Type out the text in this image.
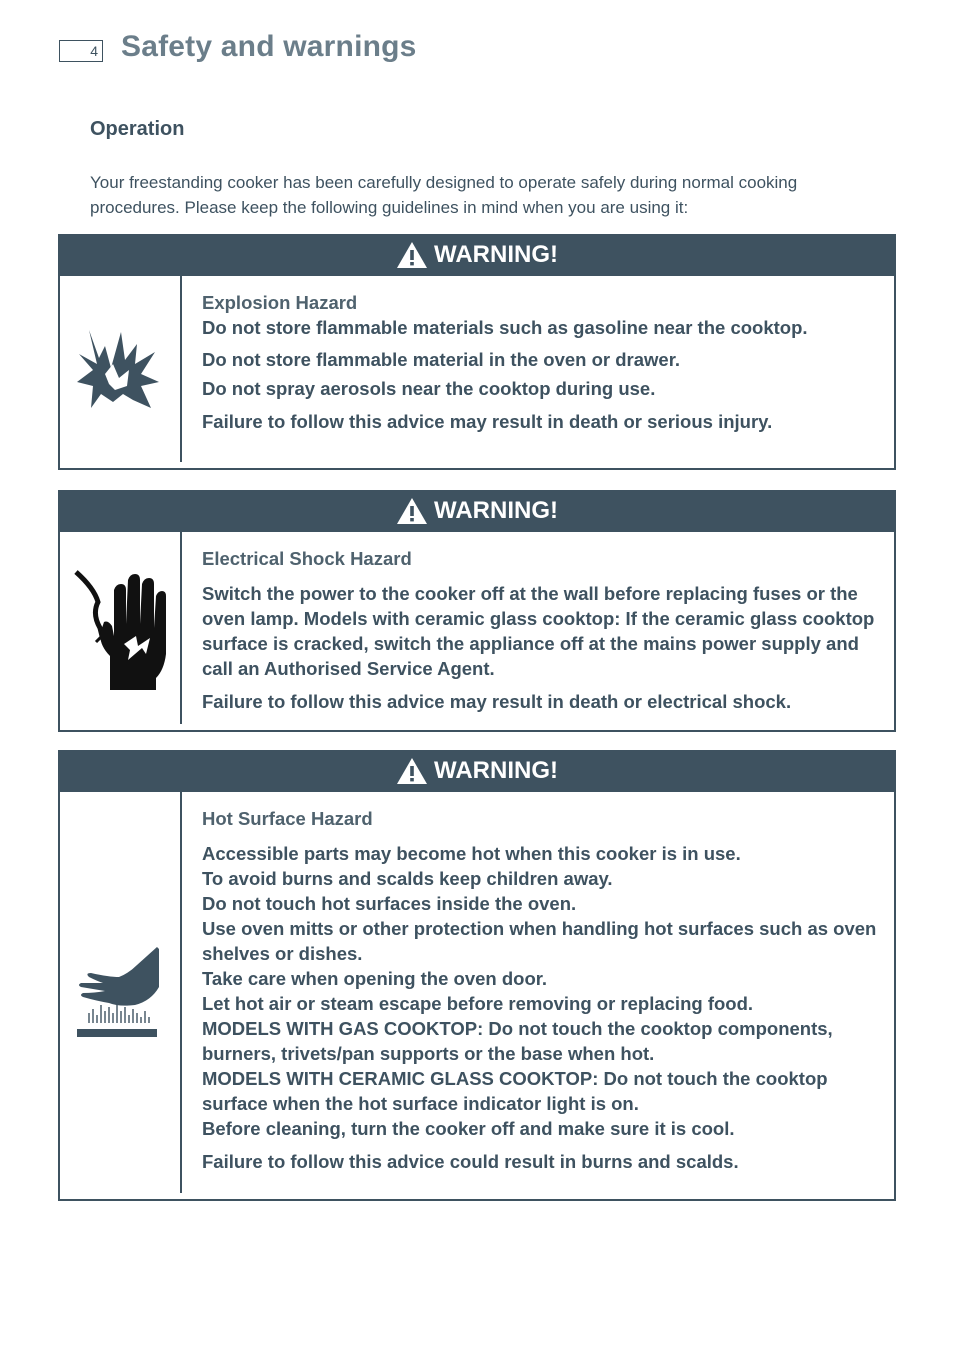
4 Safety and warnings
Operation

Your freestanding cooker has been carefully designed to operate safely during normal cooking procedures. Please keep the following guidelines in mind when you are using it:

WARNING!

Explosion Hazard

Do not store flammable materials such as gasoline near the cooktop.

Do not store flammable material in the oven or drawer.

Do not spray aerosols near the cooktop during use.

Failure to follow this advice may result in death or serious injury.

WARNING!

Electrical Shock Hazard

Switch the power to the cooker off at the wall before replacing fuses or the oven lamp. Models with ceramic glass cooktop: If the ceramic glass cooktop surface is cracked, switch the appliance off at the mains power supply and call an Authorised Service Agent.

Failure to follow this advice may result in death or electrical shock.

WARNING!

Hot Surface Hazard

Accessible parts may become hot when this cooker is in use.

To avoid burns and scalds keep children away.

Do not touch hot surfaces inside the oven.

Use oven mitts or other protection when handling hot surfaces such as oven shelves or dishes.

Take care when opening the oven door.

Let hot air or steam escape before removing or replacing food.

MODELS WITH GAS COOKTOP: Do not touch the cooktop components, burners, trivets/pan supports or the base when hot.

MODELS WITH CERAMIC GLASS COOKTOP: Do not touch the cooktop surface when the hot surface indicator light is on.

Before cleaning, turn the cooker off and make sure it is cool.

Failure to follow this advice could result in burns and scalds.
